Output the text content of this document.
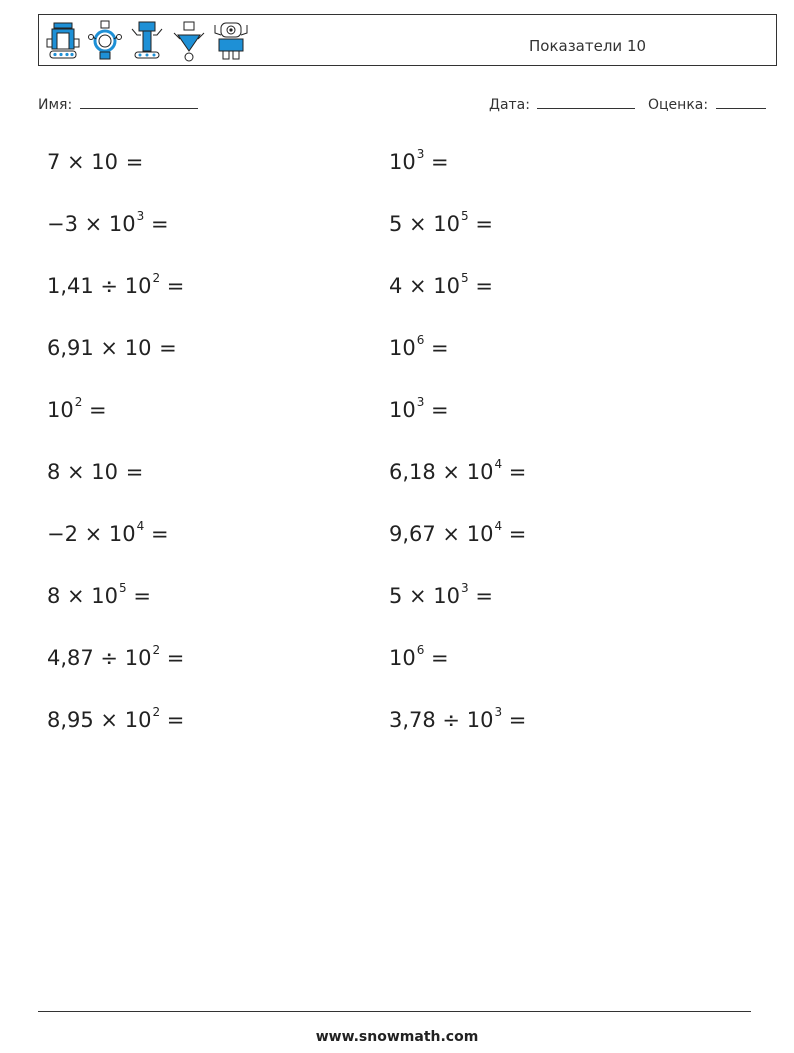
Показатели 10
Имя:	Дата:	Оценка:
7 × 10 =	$10^3$ =
$-3 \times 10^3$ =	$5 \times 10^5$ =
$1,41 \div 10^2$ =	$4 \times 10^5$ =
6,91 × 10 =	$10^6$ =
$10^2$ =	$10^3$ =
8 × 10 =	$6,18 \times 10^4$ =
$-2 \times 10^4$ =	$9,67 \times 10^4$ =
$8 \times 10^5$ =	$5 \times 10^3$ =
$4,87 \div 10^2$ =	$10^6$ =
$8,95 \times 10^2$ =	$3,78 \div 10^3$ =
www.snowmath.com
